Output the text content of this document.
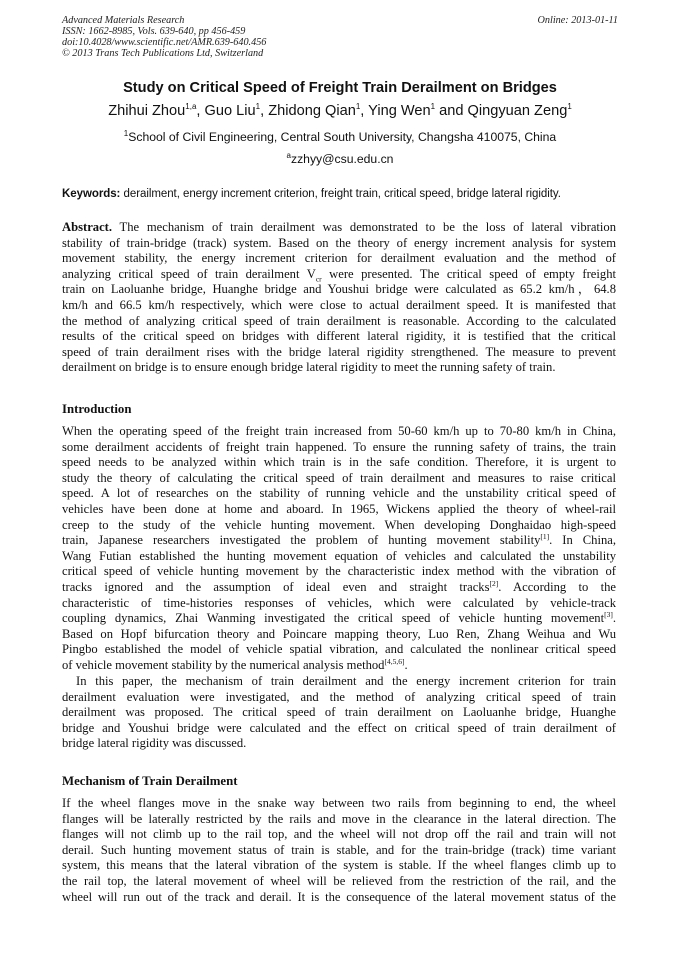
Advanced Materials Research
ISSN: 1662-8985, Vols. 639-640, pp 456-459
doi:10.4028/www.scientific.net/AMR.639-640.456
© 2013 Trans Tech Publications Ltd, Switzerland
Online: 2013-01-11
Study on Critical Speed of Freight Train Derailment on Bridges
Zhihui Zhou$^{1,a}$, Guo Liu$^1$, Zhidong Qian$^1$, Ying Wen$^1$ and Qingyuan Zeng$^1$
$^1$School of Civil Engineering, Central South University, Changsha 410075, China
$^a$zzhyy@csu.edu.cn
Keywords: derailment, energy increment criterion, freight train, critical speed, bridge lateral rigidity.
Abstract. The mechanism of train derailment was demonstrated to be the loss of lateral vibration
stability of train-bridge (track) system. Based on the theory of energy increment analysis for system
movement stability, the energy increment criterion for derailment evaluation and the method of
analyzing critical speed of train derailment $V_{cr}$ were presented. The critical speed of empty freight
train on Laoluanhe bridge, Huanghe bridge and Youshui bridge were calculated as 65.2 km/h，64.8
km/h and 66.5 km/h respectively, which were close to actual derailment speed. It is manifested that
the method of analyzing critical speed of train derailment is reasonable. According to the calculated
results of the critical speed on bridges with different lateral rigidity, it is testified that the critical
speed of train derailment rises with the bridge lateral rigidity strengthened. The measure to prevent
derailment on bridge is to ensure enough bridge lateral rigidity to meet the running safety of train.
Introduction
When the operating speed of the freight train increased from 50-60 km/h up to 70-80 km/h in China,
some derailment accidents of freight train happened. To ensure the running safety of trains, the train
speed needs to be analyzed within which train is in the safe condition. Therefore, it is urgent to
study the theory of calculating the critical speed of train derailment and measures to raise critical
speed. A lot of researches on the stability of running vehicle and the unstability critical speed of
vehicles have been done at home and aboard. In 1965, Wickens applied the theory of wheel-rail
creep to the study of the vehicle hunting movement. When developing Donghaidao high-speed
train, Japanese researchers investigated the problem of hunting movement stability[1]. In China,
Wang Futian established the hunting movement equation of vehicles and calculated the unstability
critical speed of vehicle hunting movement by the characteristic index method with the vibration of
tracks ignored and the assumption of ideal even and straight tracks[2]. According to the
characteristic of time-histories responses of vehicles, which were calculated by vehicle-track
coupling dynamics, Zhai Wanming investigated the critical speed of vehicle hunting movement[3].
Based on Hopf bifurcation theory and Poincare mapping theory, Luo Ren, Zhang Weihua and Wu
Pingbo established the model of vehicle spatial vibration, and calculated the nonlinear critical speed
of vehicle movement stability by the numerical analysis method[4,5,6].
In this paper, the mechanism of train derailment and the energy increment criterion for train
derailment evaluation were investigated, and the method of analyzing critical speed of train
derailment was proposed. The critical speed of train derailment on Laoluanhe bridge, Huanghe
bridge and Youshui bridge were calculated and the effect on critical speed of train derailment of
bridge lateral rigidity was discussed.
Mechanism of Train Derailment
If the wheel flanges move in the snake way between two rails from beginning to end, the wheel
flanges will be laterally restricted by the rails and move in the clearance in the lateral direction. The
flanges will not climb up to the rail top, and the wheel will not drop off the rail and train will not
derail. Such hunting movement status of train is stable, and for the train-bridge (track) time variant
system, this means that the lateral vibration of the system is stable. If the wheel flanges climb up to
the rail top, the lateral movement of wheel will be relieved from the restriction of the rail, and the
wheel will run out of the track and derail. It is the consequence of the lateral movement status of the
